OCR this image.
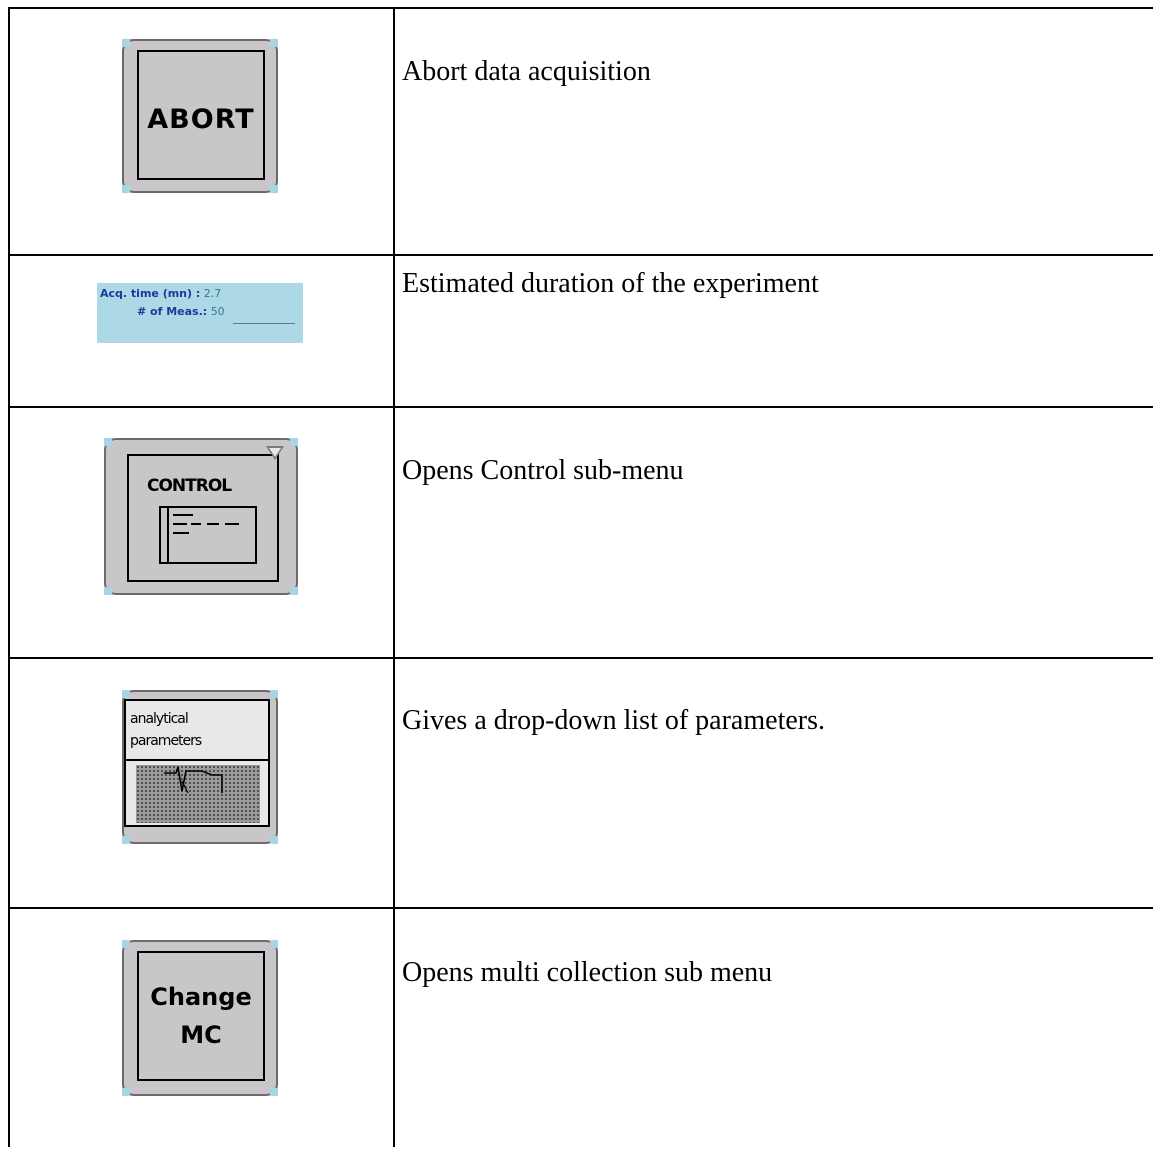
ABORT
Abort data acquisition
Acq. time (mn) : 2.7
# of Meas.: 50
Estimated duration of the experiment
CONTROL	Opens Control sub-menu
analytical
parameters
Gives a drop-down list of parameters.
Change
MC
Opens multi collection sub menu
